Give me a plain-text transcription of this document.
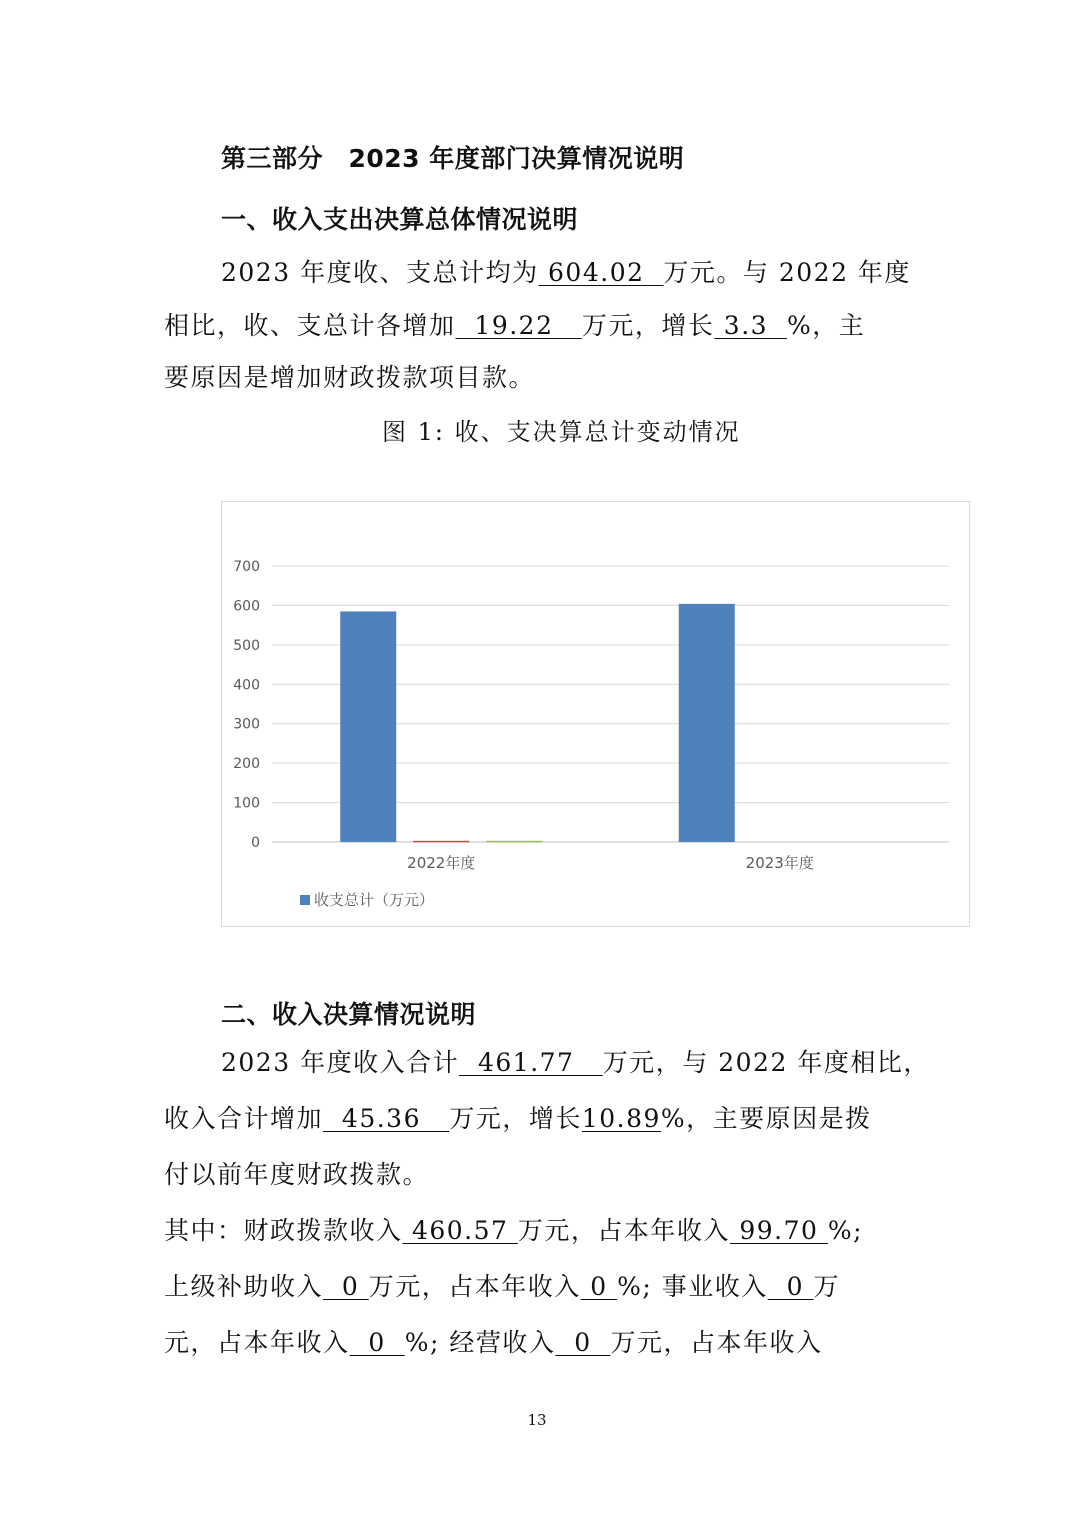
第三部分　2023 年度部门决算情况说明
一、收入支出决算总体情况说明
2023 年度收、支总计均为 604.02  万元。与 2022 年度
相比，收、支总计各增加  19.22   万元，增长 3.3  %，主
要原因是增加财政拨款项目款。
图 1: 收、支决算总计变动情况
0
100
200
300
400
500
600
700
2022年度	2023年度
收支总计（万元）
二、收入决算情况说明
2023 年度收入合计  461.77   万元，与 2022 年度相比，
收入合计增加  45.36   万元，增长10.89%，主要原因是拨
付以前年度财政拨款。
其中：财政拨款收入 460.57 万元，占本年收入 99.70 %;
上级补助收入  0 万元，占本年收入 0 %; 事业收入  0 万
元，占本年收入  0  %; 经营收入  0  万元，占本年收入
13
